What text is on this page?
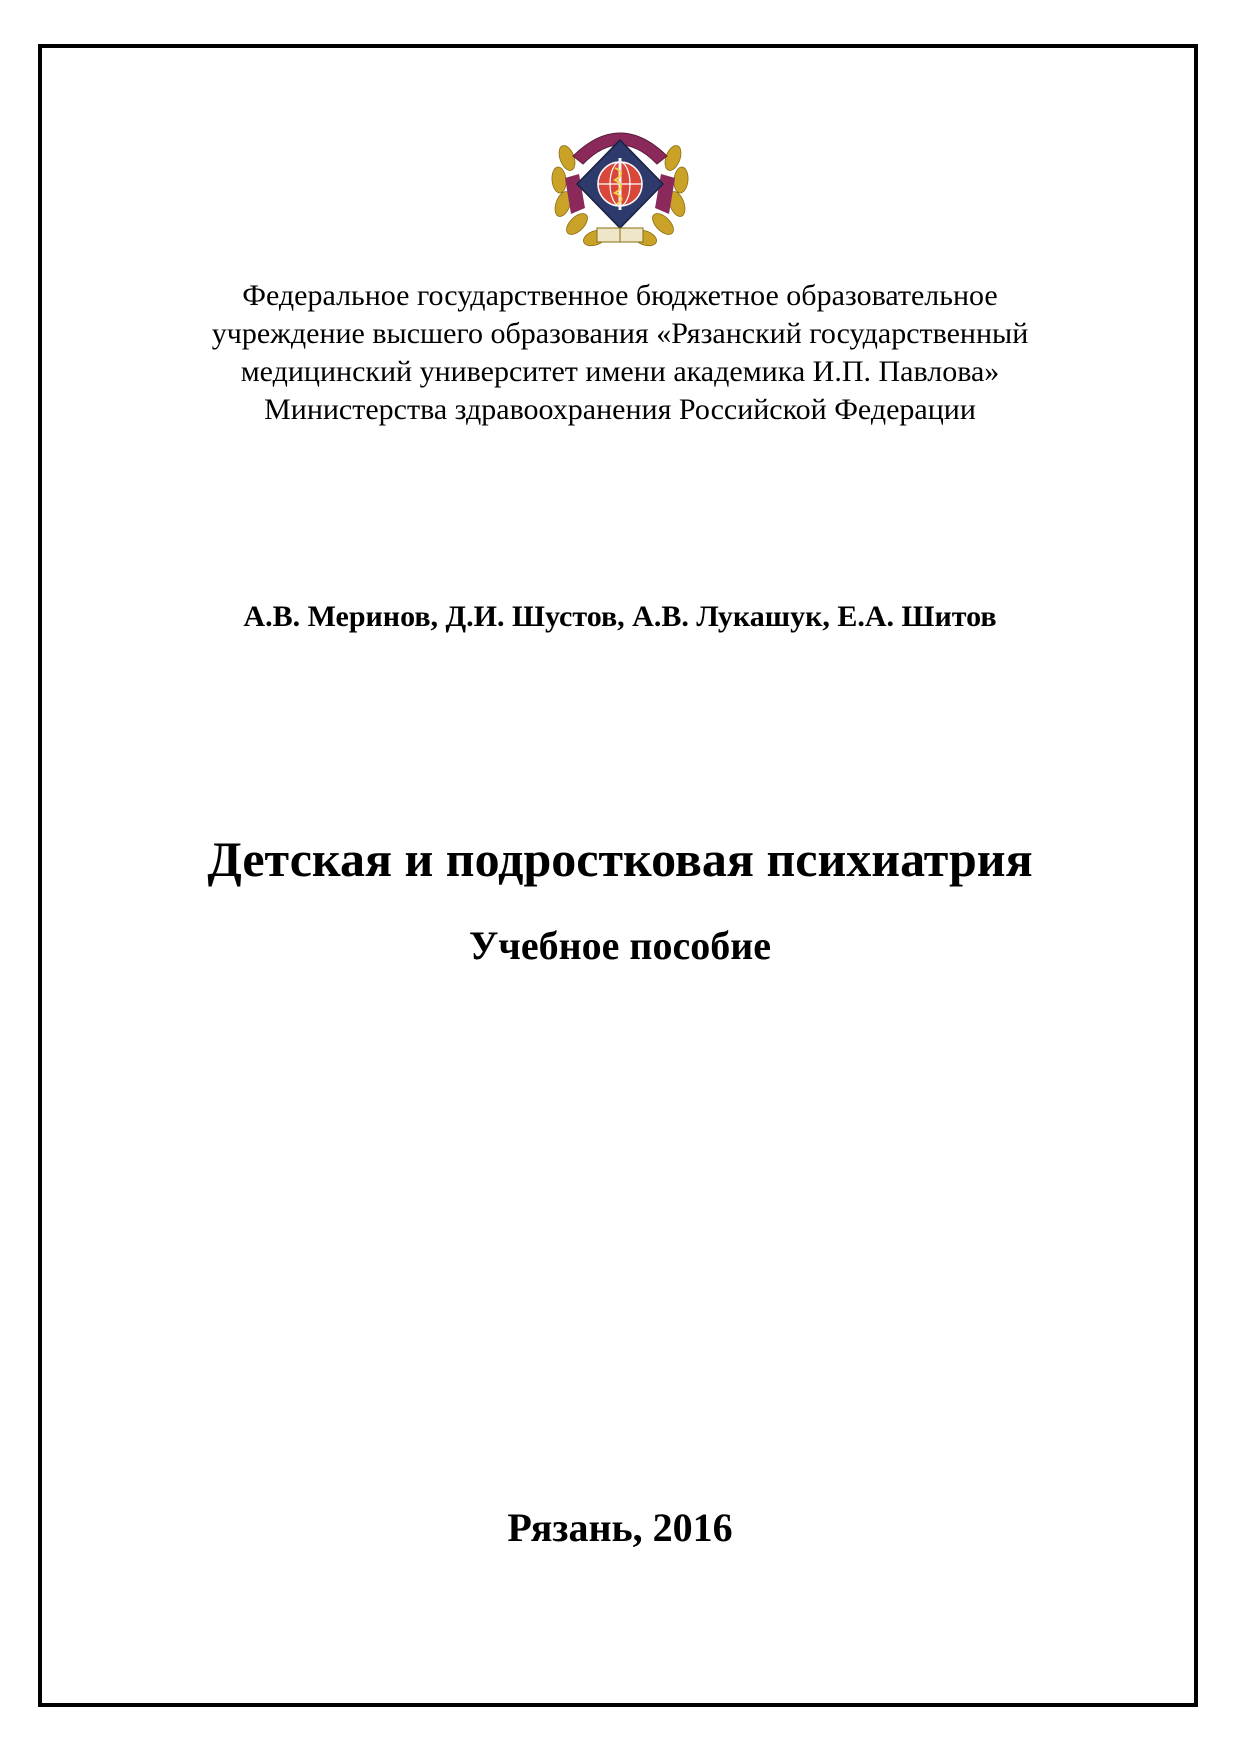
Федеральное государственное бюджетное образовательное
учреждение высшего образования «Рязанский государственный
медицинский университет имени академика И.П. Павлова»
Министерства здравоохранения Российской Федерации
А.В. Меринов, Д.И. Шустов, А.В. Лукашук, Е.А. Шитов
Детская и подростковая психиатрия
Учебное пособие
Рязань, 2016
